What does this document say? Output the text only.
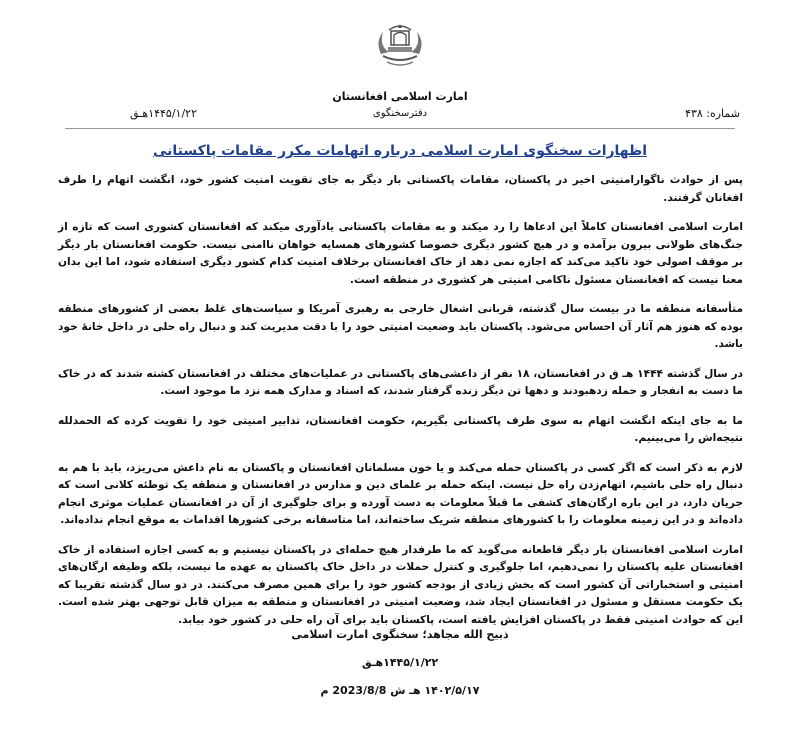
امارت اسلامی افغانستان
دفترسخنگوی	شماره: ۴۳۸
۱۴۴۵/۱/۲۲هـق
اظهارات سخنگوی امارت اسلامی درباره اتهامات مکرر مقامات پاکستانی

پس از حوادث ناگوارامنیتی اخیر در پاکستان، مقامات پاکستانی بار دیگر به جای تقویت امنیت کشور خود، انگشت اتهام را طرف افغانان گرفتند.

امارت اسلامی افغانستان کاملاً این ادعاها را رد میکند و به مقامات پاکستانی یادآوری میکند که افغانستان کشوری است که تازه از جنگ‌های طولانی بیرون برآمده و در هیچ کشور دیگری خصوصا کشورهای همسایه خواهان ناامنی نیست. حکومت افغانستان بار دیگر بر موقف اصولی خود تاکید می‌کند که اجازه نمی دهد از خاک افغانستان برخلاف امنیت کدام کشور دیگری استفاده شود، اما این بدان معنا نیست که افغانستان مسئول ناکامی امنیتی هر کشوری در منطقه است.

متأسفانه منطقه ما در بیست سال گذشته، قربانی اشغال خارجی به رهبری آمریکا و سیاست‌های غلط بعضی از کشورهای منطقه بوده که هنوز هم آثار آن احساس می‌شود. پاکستان باید وضعیت امنیتی خود را با دقت مدیریت کند و دنبال راه حلی در داخل خانهٔ خود باشد.

در سال گذشته ۱۴۴۴ هـ ق در افغانستان، ۱۸ نفر از داعشی‌های پاکستانی در عملیات‌های مختلف در افغانستان کشته شدند که در خاک ما دست به انفجار و حمله زدهبودند و دهها تن دیگر زنده گرفتار شدند، که اسناد و مدارک همه نزد ما موجود است.

ما به جای اینکه انگشت اتهام به سوی طرف پاکستانی بگیریم، حکومت افغانستان، تدابیر امنیتی خود را تقویت کرده که الحمدلله نتیجه‌اش را می‌بینیم.

لازم به ذکر است که اگر کسی در پاکستان حمله می‌کند و یا خون مسلمانان افغانستان و پاکستان به نام داعش می‌ریزد، باید با هم به دنبال راه حلی باشیم، اتهام‌زدن راه حل نیست. اینکه حمله بر علمای دین و مدارس در افغانستان و منطقه یک توطئه کلانی است که جریان دارد، در این باره ارگان‌های کشفی ما قبلاً معلومات به دست آورده و برای جلوگیری از آن در افغانستان عملیات موثری انجام داده‌اند و در این زمینه معلومات را با کشورهای منطقه شریک ساخته‌اند، اما متاسفانه برخی کشورها اقدامات به موقع انجام نداده‌اند.

امارت اسلامی افغانستان بار دیگر قاطعانه می‌گوید که ما طرفدار هیچ حمله‌ای در پاکستان نیستیم و به کسی اجازه استفاده از خاک افغانستان علیه پاکستان را نمی‌دهیم، اما جلوگیری و کنترل حملات در داخل خاک پاکستان به عهده ما نیست، بلکه وظیفه ارگان‌های امنیتی و استخباراتی آن کشور است که بخش زیادی از بودجه کشور خود را برای همین مصرف می‌کنند. در دو سال گذشته تقریبا که یک حکومت مستقل و مسئول در افغانستان ایجاد شد، وضعیت امنیتی در افغانستان و منطقه به میزان قابل توجهی بهتر شده است. این که حوادث امنیتی فقط در پاکستان افزایش یافته است، پاکستان باید برای آن راه حلی در کشور خود بیابد.

ذبیح الله مجاهد؛ سخنگوی امارت اسلامی
۱۴۴۵/۱/۲۲هـق
۱۴۰۲/۵/۱۷ هـ ش 2023/8/8 م
